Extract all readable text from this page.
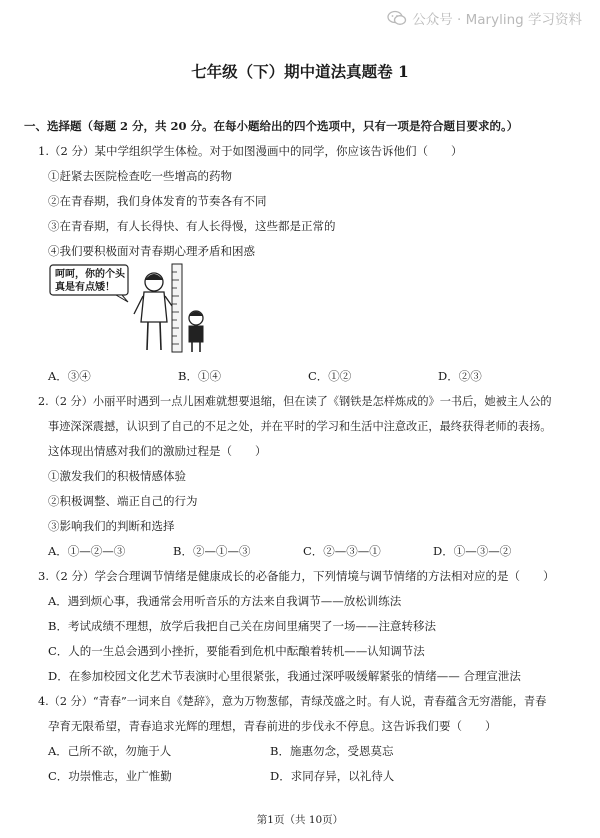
公众号 · Maryling 学习资料
七年级（下）期中道法真题卷 1
一、选择题（每题 2 分，共 20 分。在每小题给出的四个选项中，只有一项是符合题目要求的。）
1.（2 分）某中学组织学生体检。对于如图漫画中的同学，你应该告诉他们（　　）
①赶紧去医院检查吃一些增高的药物
②在青春期，我们身体发育的节奏各有不同
③在青春期，有人长得快、有人长得慢，这些都是正常的
④我们要积极面对青春期心理矛盾和困惑
呵呵，你的个头
真是有点矮！
A．③④	B．①④	C．①②	D．②③
2.（2 分）小丽平时遇到一点儿困难就想要退缩，但在读了《钢铁是怎样炼成的》一书后，她被主人公的
事迹深深震撼，认识到了自己的不足之处，并在平时的学习和生活中注意改正，最终获得老师的表扬。
这体现出情感对我们的激励过程是（　　）
①激发我们的积极情感体验
②积极调整、端正自己的行为
③影响我们的判断和选择
A．①—②—③	B．②—①—③	C．②—③—①	D．①—③—②
3.（2 分）学会合理调节情绪是健康成长的必备能力，下列情境与调节情绪的方法相对应的是（　　）
A．遇到烦心事，我通常会用听音乐的方法来自我调节——放松训练法
B．考试成绩不理想，放学后我把自己关在房间里痛哭了一场——注意转移法
C．人的一生总会遇到小挫折，要能看到危机中酝酿着转机——认知调节法
D．在参加校园文化艺术节表演时心里很紧张，我通过深呼吸缓解紧张的情绪—— 合理宣泄法
4.（2 分）“青春”一词来自《楚辞》，意为万物葱郁，青绿茂盛之时。有人说，青春蕴含无穷潜能，青春
孕育无限希望，青春追求光辉的理想，青春前进的步伐永不停息。这告诉我们要（　　）
A．己所不欲，勿施于人	B．施惠勿念，受恩莫忘
C．功崇惟志，业广惟勤	D．求同存异，以礼待人
第1页（共 10页）
